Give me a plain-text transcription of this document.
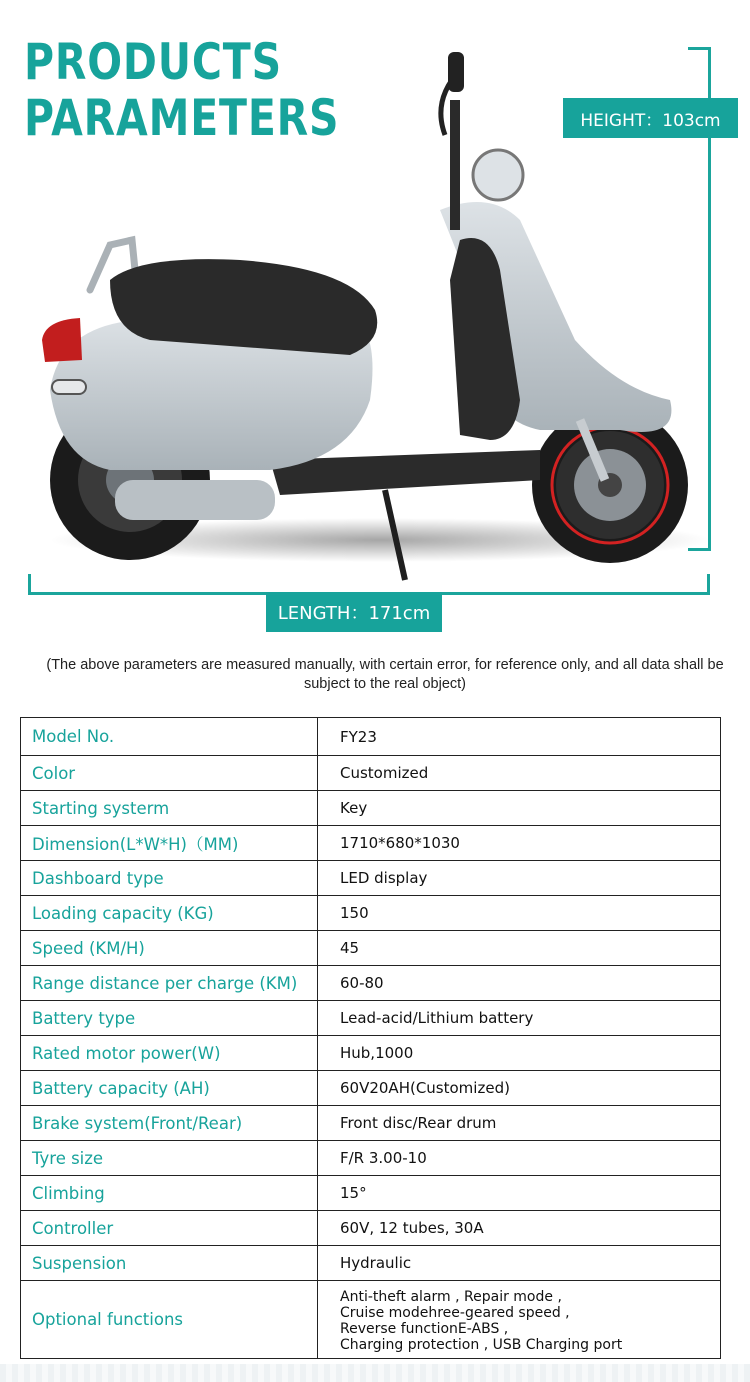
PRODUCTS
PARAMETERS	HEIGHT：103cm
LENGTH：171cm
(The above parameters are measured manually, with certain error, for reference only, and all data shall be subject to the real object)
Model No.	FY23
Color	Customized
Starting systerm	Key
Dimension(L*W*H)（MM)	1710*680*1030
Dashboard type	LED display
Loading capacity (KG)	150
Speed (KM/H)	45
Range distance per charge (KM)	60-80
Battery type	Lead-acid/Lithium battery
Rated motor power(W)	Hub,1000
Battery capacity (AH)	60V20AH(Customized)
Brake system(Front/Rear)	Front disc/Rear drum
Tyre size	F/R 3.00-10
Climbing	15°
Controller	60V, 12 tubes, 30A
Suspension	Hydraulic
Optional functions	Anti-theft alarm , Repair mode ,
Cruise modehree-geared speed ,
Reverse functionE-ABS ,
Charging protection , USB Charging port
